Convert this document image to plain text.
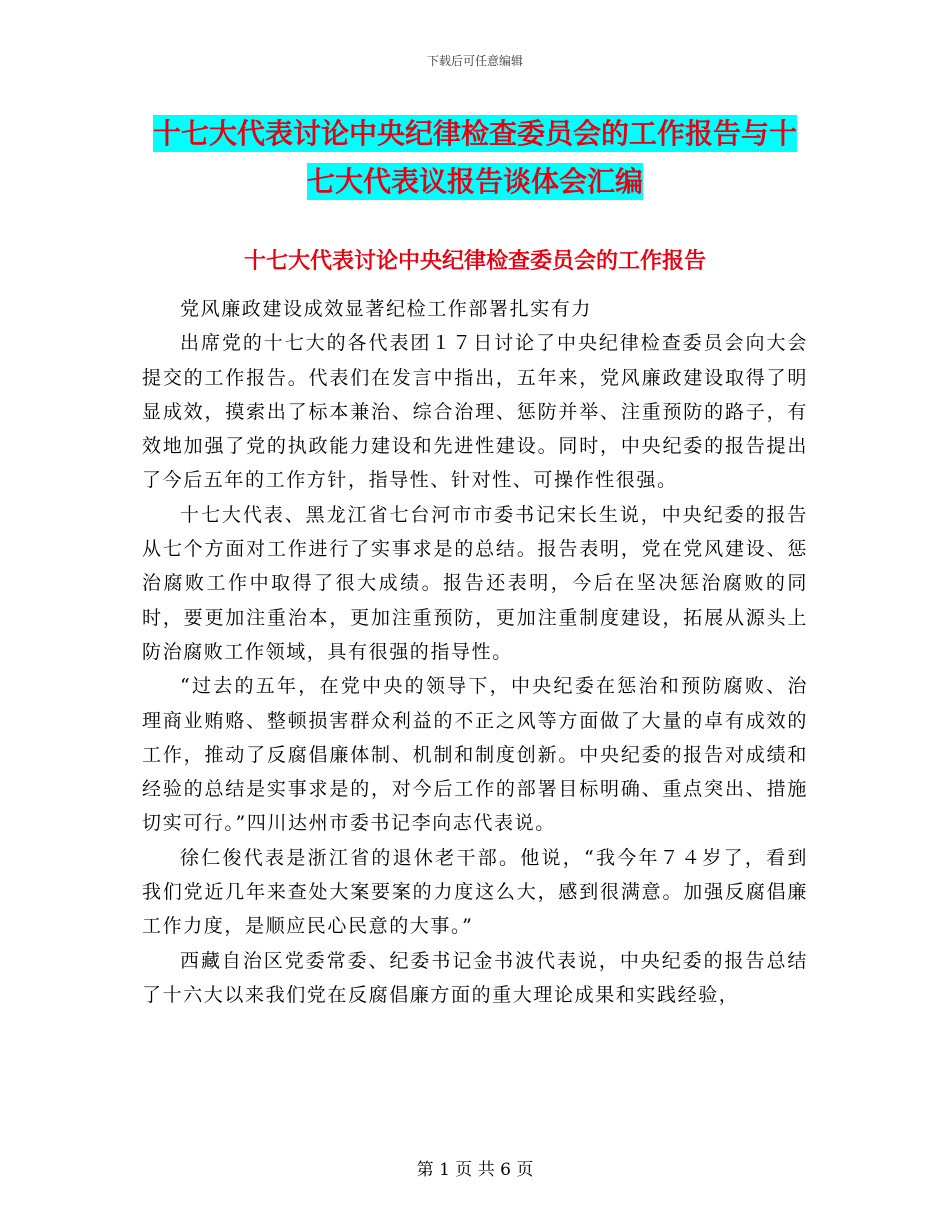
下载后可任意编辑
十七大代表讨论中央纪律检查委员会的工作报告与十
七大代表议报告谈体会汇编
十七大代表讨论中央纪律检查委员会的工作报告

党风廉政建设成效显著纪检工作部署扎实有力

出席党的十七大的各代表团１７日讨论了中央纪律检查委员会向大会提交的工作报告。代表们在发言中指出，五年来，党风廉政建设取得了明显成效，摸索出了标本兼治、综合治理、惩防并举、注重预防的路子，有效地加强了党的执政能力建设和先进性建设。同时，中央纪委的报告提出了今后五年的工作方针，指导性、针对性、可操作性很强。

十七大代表、黑龙江省七台河市市委书记宋长生说，中央纪委的报告从七个方面对工作进行了实事求是的总结。报告表明，党在党风建设、惩治腐败工作中取得了很大成绩。报告还表明，今后在坚决惩治腐败的同时，要更加注重治本，更加注重预防，更加注重制度建设，拓展从源头上防治腐败工作领域，具有很强的指导性。

“过去的五年，在党中央的领导下，中央纪委在惩治和预防腐败、治理商业贿赂、整顿损害群众利益的不正之风等方面做了大量的卓有成效的工作，推动了反腐倡廉体制、机制和制度创新。中央纪委的报告对成绩和经验的总结是实事求是的，对今后工作的部署目标明确、重点突出、措施切实可行。”四川达州市委书记李向志代表说。

徐仁俊代表是浙江省的退休老干部。他说，“我今年７４岁了，看到我们党近几年来查处大案要案的力度这么大，感到很满意。加强反腐倡廉工作力度，是顺应民心民意的大事。”

西藏自治区党委常委、纪委书记金书波代表说，中央纪委的报告总结了十六大以来我们党在反腐倡廉方面的重大理论成果和实践经验，

第 1 页 共 6 页
